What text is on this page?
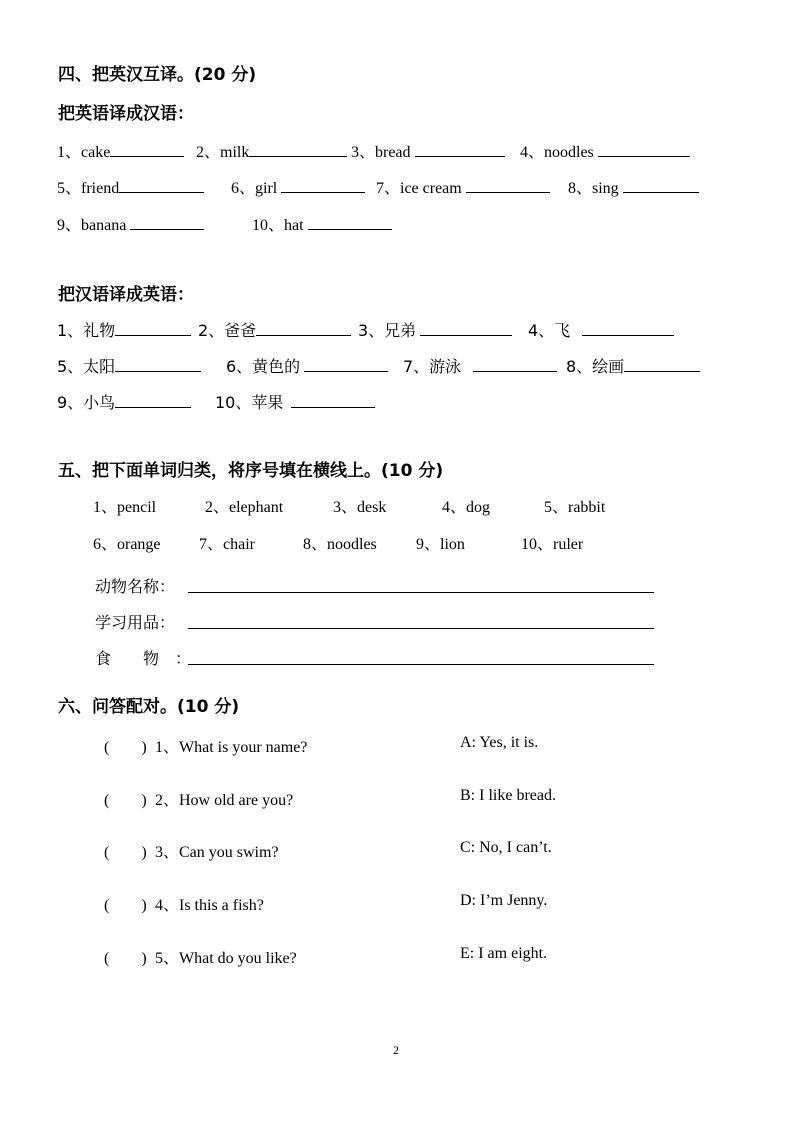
四、把英汉互译。(20 分)
把英语译成汉语：
1、cake	2、milk	3、bread	4、noodles
5、friend	6、girl	7、ice cream	8、sing
9、banana	10、hat
把汉语译成英语：
1、礼物	2、爸爸	3、兄弟	4、飞
5、太阳	6、黄色的	7、游泳	8、绘画
9、小鸟	10、苹果
五、把下面单词归类，将序号填在横线上。(10 分)
1、pencil	2、elephant	3、desk	4、dog	5、rabbit
6、orange 7、chair	8、noodles 9、lion	10、ruler
动物名称：
学习用品：
食　　物　：
六、问答配对。(10 分)
(　　) 1、What is your name?	A: Yes, it is.
(　　) 2、How old are you?	B: I like bread.
(　　) 3、Can you swim?	C: No, I can’t.
(　　) 4、Is this a fish?	D: I’m Jenny.
(　　) 5、What do you like?	E: I am eight.
2
